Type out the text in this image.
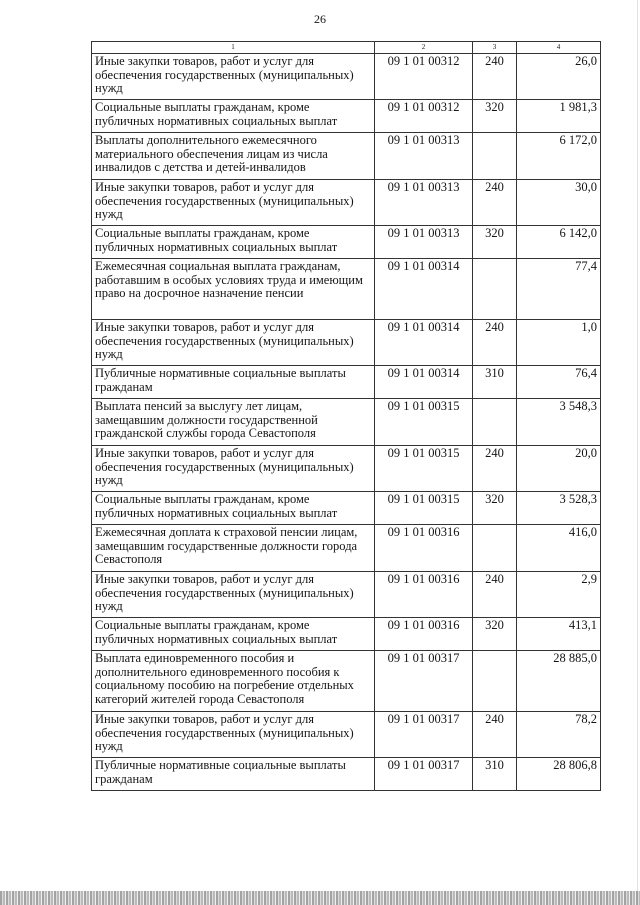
26
1	2	3	4
Иные закупки товаров, работ и услуг для обеспечения государственных (муниципальных) нужд	09 1 01 00312	240	26,0
Социальные выплаты гражданам, кроме публичных нормативных социальных выплат	09 1 01 00312	320	1 981,3
Выплаты дополнительного ежемесячного материального обеспечения лицам из числа инвалидов с детства и детей-инвалидов	09 1 01 00313		6 172,0
Иные закупки товаров, работ и услуг для обеспечения государственных (муниципальных) нужд	09 1 01 00313	240	30,0
Социальные выплаты гражданам, кроме публичных нормативных социальных выплат	09 1 01 00313	320	6 142,0
Ежемесячная социальная выплата гражданам, работавшим в особых условиях труда и имеющим право на досрочное назначение пенсии	09 1 01 00314		77,4
Иные закупки товаров, работ и услуг для обеспечения государственных (муниципальных) нужд	09 1 01 00314	240	1,0
Публичные нормативные социальные выплаты гражданам	09 1 01 00314	310	76,4
Выплата пенсий за выслугу лет лицам, замещавшим должности государственной гражданской службы города Севастополя	09 1 01 00315		3 548,3
Иные закупки товаров, работ и услуг для обеспечения государственных (муниципальных) нужд	09 1 01 00315	240	20,0
Социальные выплаты гражданам, кроме публичных нормативных социальных выплат	09 1 01 00315	320	3 528,3
Ежемесячная доплата к страховой пенсии лицам, замещавшим государственные должности города Севастополя	09 1 01 00316		416,0
Иные закупки товаров, работ и услуг для обеспечения государственных (муниципальных) нужд	09 1 01 00316	240	2,9
Социальные выплаты гражданам, кроме публичных нормативных социальных выплат	09 1 01 00316	320	413,1
Выплата единовременного пособия и дополнительного единовременного пособия к социальному пособию на погребение отдельных категорий жителей города Севастополя	09 1 01 00317		28 885,0
Иные закупки товаров, работ и услуг для обеспечения государственных (муниципальных) нужд	09 1 01 00317	240	78,2
Публичные нормативные социальные выплаты гражданам	09 1 01 00317	310	28 806,8
